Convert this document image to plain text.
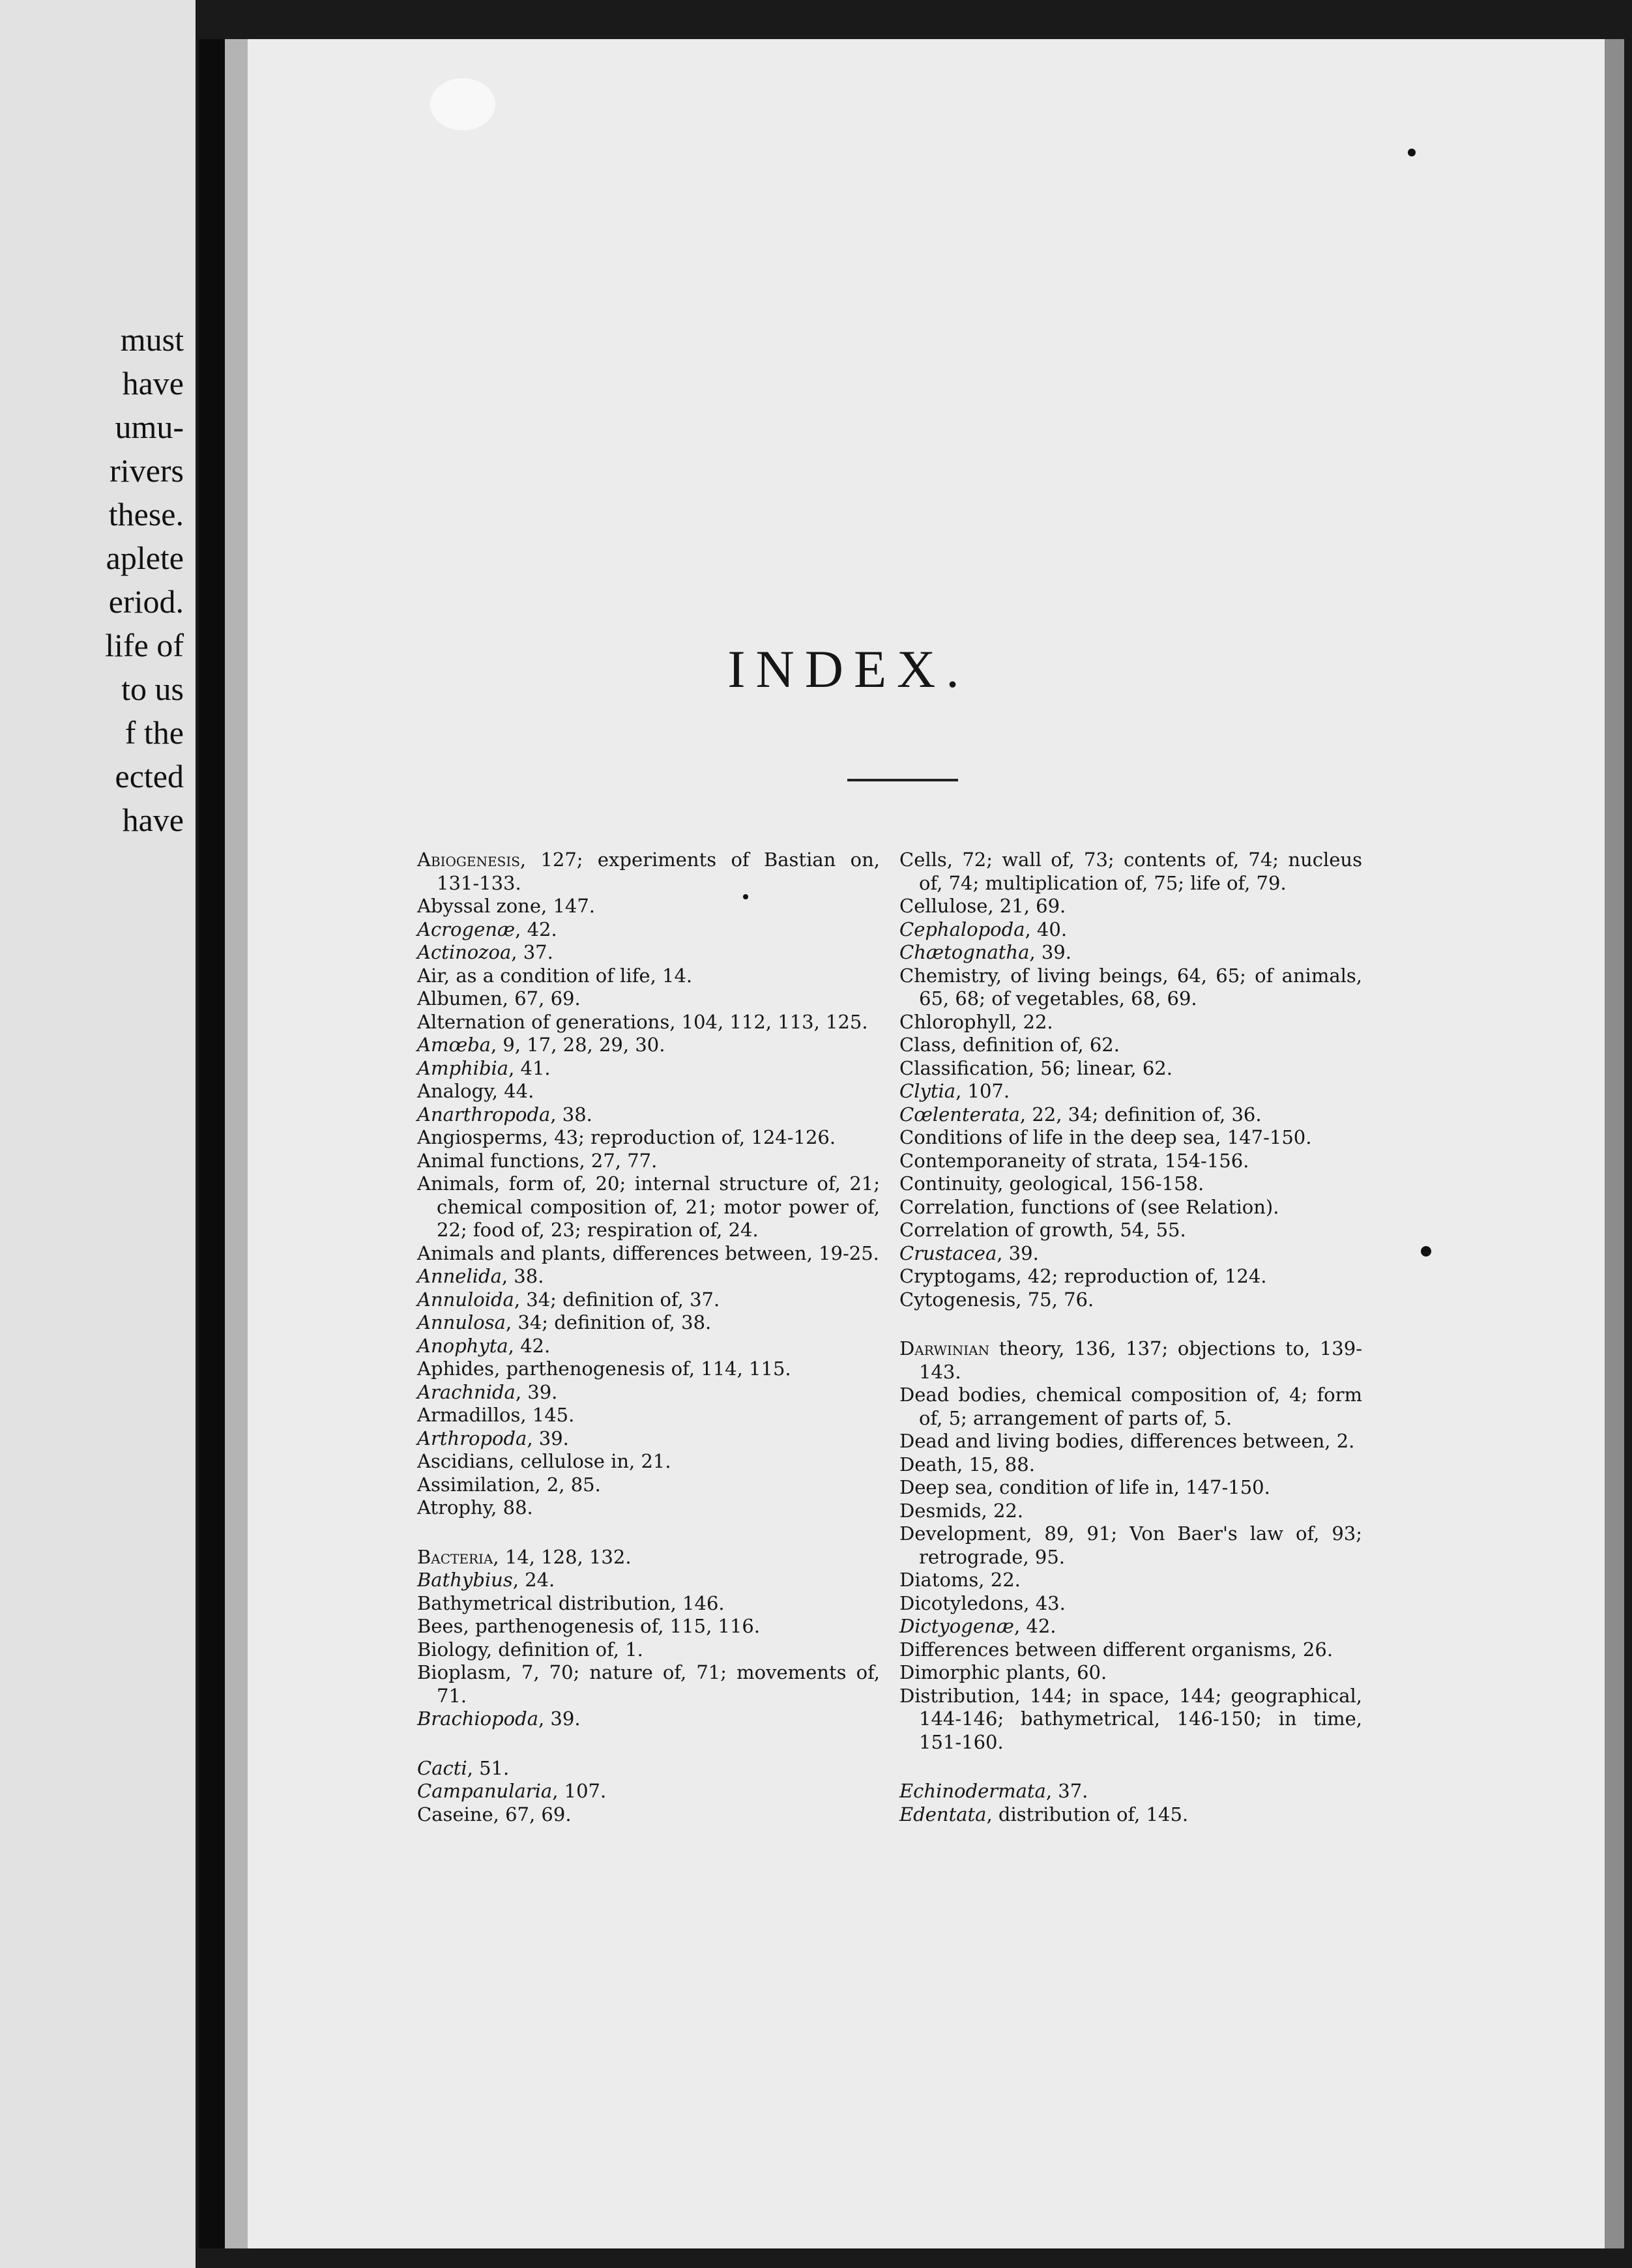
must
have
umu-
rivers
these.
aplete
eriod.
life of
to us
f the
ected
have
INDEX.
Abiogenesis, 127; experiments of Bastian on, 131-133.
Abyssal zone, 147.
Acrogenæ, 42.
Actinozoa, 37.
Air, as a condition of life, 14.
Albumen, 67, 69.
Alternation of generations, 104, 112, 113, 125.
Amœba, 9, 17, 28, 29, 30.
Amphibia, 41.
Analogy, 44.
Anarthropoda, 38.
Angiosperms, 43; reproduction of, 124-126.
Animal functions, 27, 77.
Animals, form of, 20; internal structure of, 21; chemical composition of, 21; motor power of, 22; food of, 23; respiration of, 24.
Animals and plants, differences between, 19-25.
Annelida, 38.
Annuloida, 34; definition of, 37.
Annulosa, 34; definition of, 38.
Anophyta, 42.
Aphides, parthenogenesis of, 114, 115.
Arachnida, 39.
Armadillos, 145.
Arthropoda, 39.
Ascidians, cellulose in, 21.
Assimilation, 2, 85.
Atrophy, 88.
Bacteria, 14, 128, 132.
Bathybius, 24.
Bathymetrical distribution, 146.
Bees, parthenogenesis of, 115, 116.
Biology, definition of, 1.
Bioplasm, 7, 70; nature of, 71; movements of, 71.
Brachiopoda, 39.
Cacti, 51.
Campanularia, 107.
Caseine, 67, 69.
Cells, 72; wall of, 73; contents of, 74; nucleus of, 74; multiplication of, 75; life of, 79.
Cellulose, 21, 69.
Cephalopoda, 40.
Chætognatha, 39.
Chemistry, of living beings, 64, 65; of animals, 65, 68; of vegetables, 68, 69.
Chlorophyll, 22.
Class, definition of, 62.
Classification, 56; linear, 62.
Clytia, 107.
Cœlenterata, 22, 34; definition of, 36.
Conditions of life in the deep sea, 147-150.
Contemporaneity of strata, 154-156.
Continuity, geological, 156-158.
Correlation, functions of (see Relation).
Correlation of growth, 54, 55.
Crustacea, 39.
Cryptogams, 42; reproduction of, 124.
Cytogenesis, 75, 76.
Darwinian theory, 136, 137; objections to, 139-143.
Dead bodies, chemical composition of, 4; form of, 5; arrangement of parts of, 5.
Dead and living bodies, differences between, 2.
Death, 15, 88.
Deep sea, condition of life in, 147-150.
Desmids, 22.
Development, 89, 91; Von Baer's law of, 93; retrograde, 95.
Diatoms, 22.
Dicotyledons, 43.
Dictyogenæ, 42.
Differences between different organisms, 26.
Dimorphic plants, 60.
Distribution, 144; in space, 144; geographical, 144-146; bathymetrical, 146-150; in time, 151-160.
Echinodermata, 37.
Edentata, distribution of, 145.
